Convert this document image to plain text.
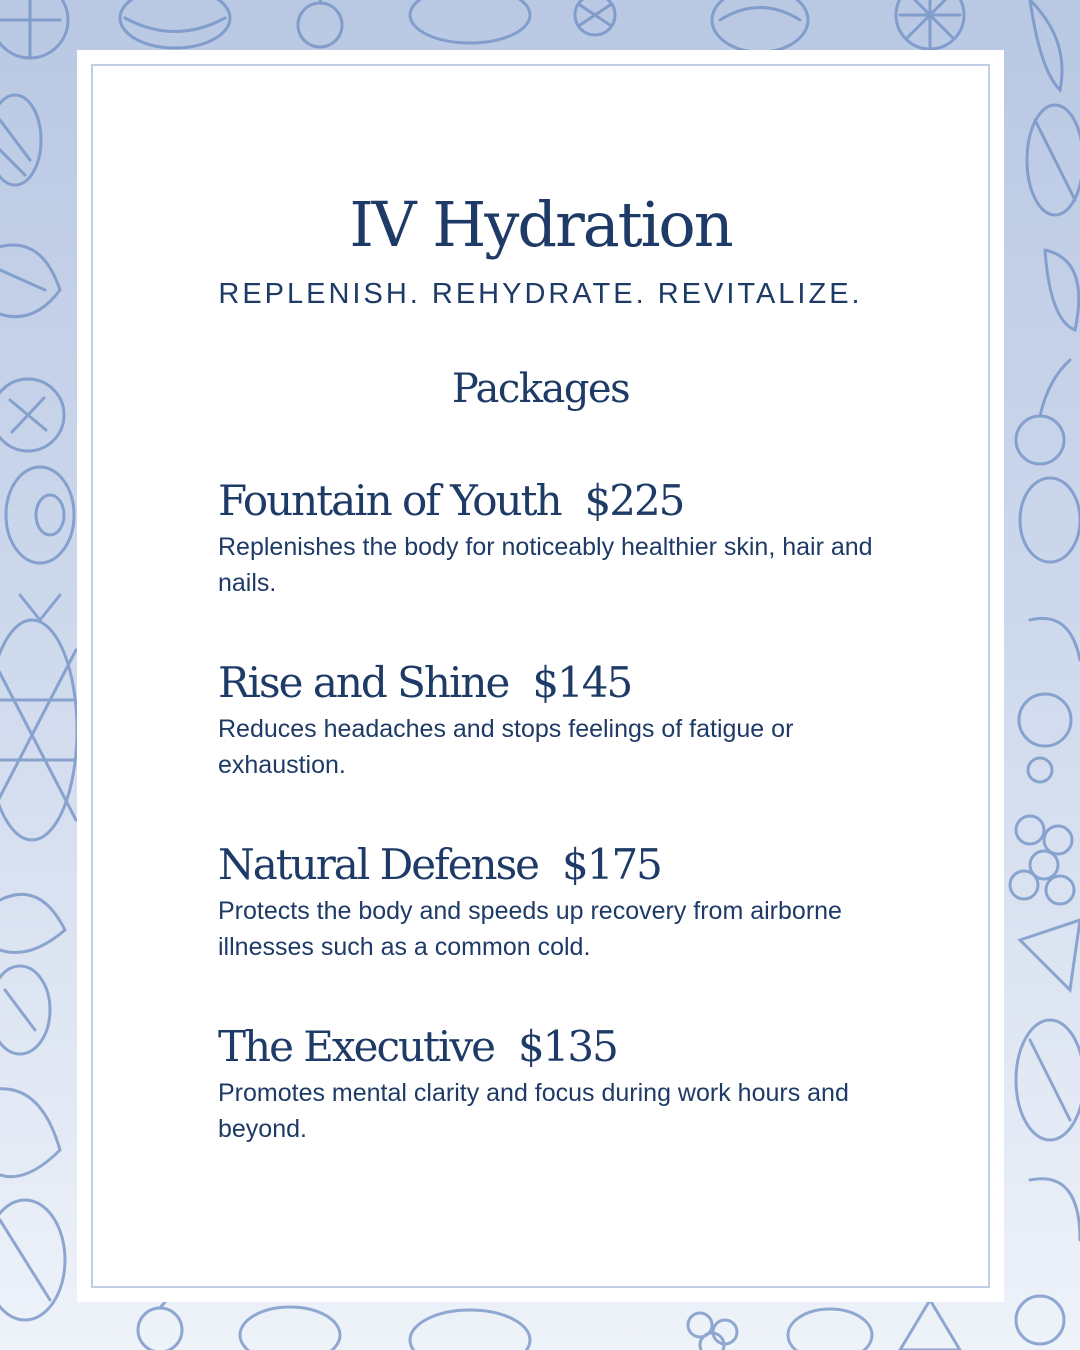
IV Hydration
REPLENISH. REHYDRATE. REVITALIZE.
Packages
Fountain of Youth $225
Replenishes the body for noticeably healthier skin, hair and nails.
Rise and Shine $145
Reduces headaches and stops feelings of fatigue or exhaustion.
Natural Defense $175
Protects the body and speeds up recovery from airborne illnesses such as a common cold.
The Executive $135
Promotes mental clarity and focus during work hours and beyond.
